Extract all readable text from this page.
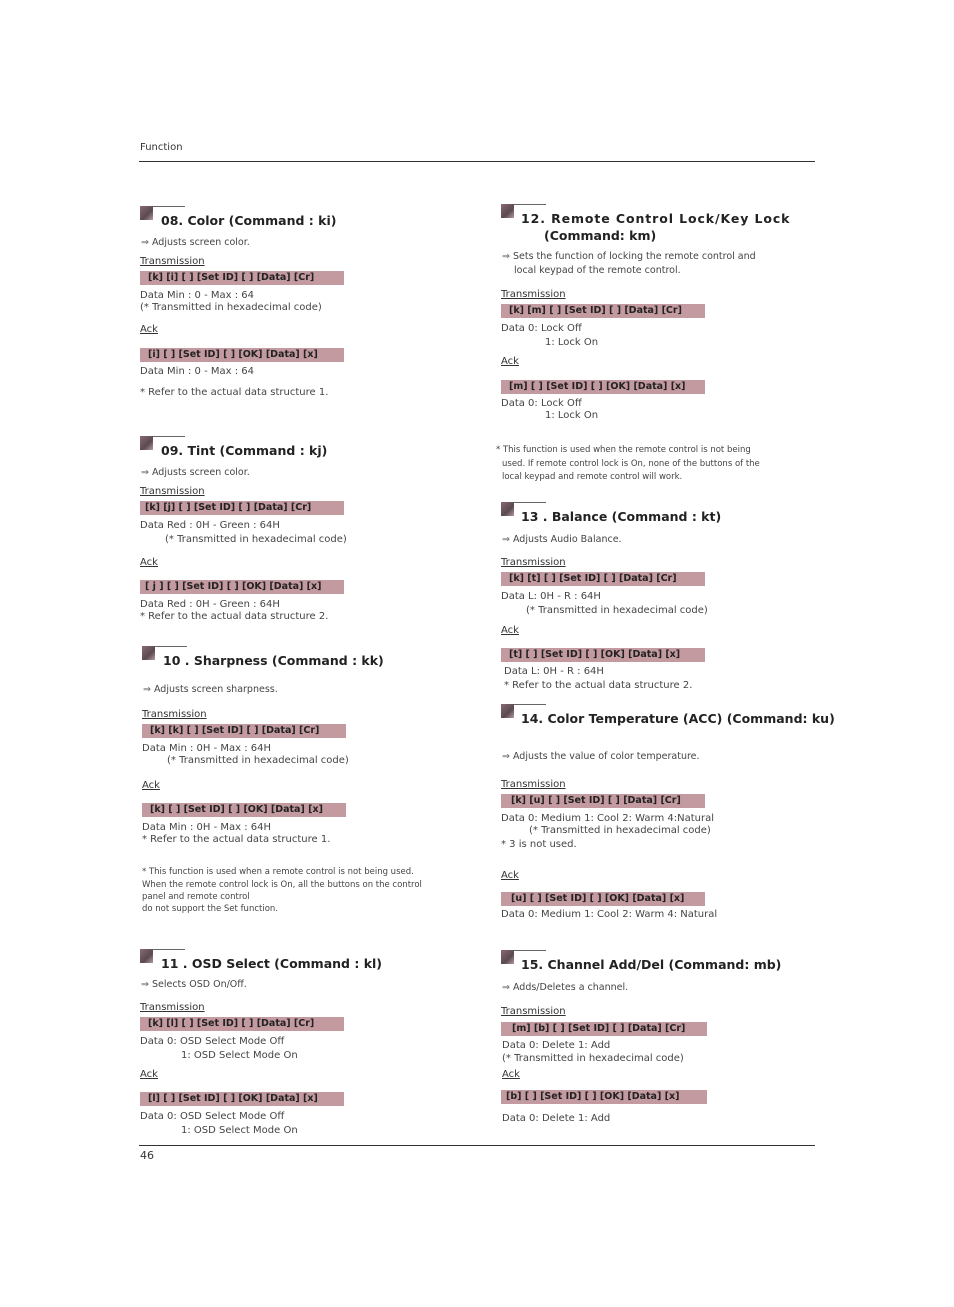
Function
08. Color (Command : ki)
⇒ Adjusts screen color.
Transmission
[k] [i] [ ] [Set ID] [ ] [Data] [Cr]
Data Min : 0 - Max : 64
(* Transmitted in hexadecimal code)
Ack
[i] [ ] [Set ID] [ ] [OK] [Data] [x]
Data Min : 0 - Max : 64
* Refer to the actual data structure 1.
09. Tint (Command : kj)
⇒ Adjusts screen color.
Transmission
[k] [j] [ ] [Set ID] [ ] [Data] [Cr]
Data Red : 0H - Green : 64H
(* Transmitted in hexadecimal code)
Ack
[ j ] [ ] [Set ID] [ ] [OK] [Data] [x]
Data Red : 0H - Green : 64H
* Refer to the actual data structure 2.
10 . Sharpness (Command : kk)
⇒ Adjusts screen sharpness.
Transmission
[k] [k] [ ] [Set ID] [ ] [Data] [Cr]
Data Min : 0H - Max : 64H
(* Transmitted in hexadecimal code)
Ack
[k] [ ] [Set ID] [ ] [OK] [Data] [x]
Data Min : 0H - Max : 64H
* Refer to the actual data structure 1.
* This function is used when a remote control is not being used.
When the remote control lock is On, all the buttons on the control
panel and remote control
do not support the Set function.
11 . OSD Select (Command : kl)
⇒ Selects OSD On/Off.
Transmission
[k] [l] [ ] [Set ID] [ ] [Data] [Cr]
Data 0: OSD Select Mode Off
1: OSD Select Mode On
Ack
[l] [ ] [Set ID] [ ] [OK] [Data] [x]
Data 0: OSD Select Mode Off
1: OSD Select Mode On
12. Remote Control Lock/Key Lock
(Command: km)
⇒ Sets the function of locking the remote control and
local keypad of the remote control.
Transmission
[k] [m] [ ] [Set ID] [ ] [Data] [Cr]
Data 0: Lock Off
1: Lock On
Ack
[m] [ ] [Set ID] [ ] [OK] [Data] [x]
Data 0: Lock Off
1: Lock On
* This function is used when the remote control is not being
used. If remote control lock is On, none of the buttons of the
local keypad and remote control will work.
13 . Balance (Command : kt)
⇒ Adjusts Audio Balance.
Transmission
[k] [t] [ ] [Set ID] [ ] [Data] [Cr]
Data L: 0H - R : 64H
(* Transmitted in hexadecimal code)
Ack
[t] [ ] [Set ID] [ ] [OK] [Data] [x]
Data L: 0H - R : 64H
* Refer to the actual data structure 2.
14. Color Temperature (ACC) (Command: ku)
⇒ Adjusts the value of color temperature.
Transmission
[k] [u] [ ] [Set ID] [ ] [Data] [Cr]
Data 0: Medium 1: Cool 2: Warm 4:Natural
(* Transmitted in hexadecimal code)
* 3 is not used.
Ack
[u] [ ] [Set ID] [ ] [OK] [Data] [x]
Data 0: Medium 1: Cool 2: Warm 4: Natural
15. Channel Add/Del (Command: mb)
⇒ Adds/Deletes a channel.
Transmission
[m] [b] [ ] [Set ID] [ ] [Data] [Cr]
Data 0: Delete 1: Add
(* Transmitted in hexadecimal code)
Ack
[b] [ ] [Set ID] [ ] [OK] [Data] [x]
Data 0: Delete 1: Add
46
